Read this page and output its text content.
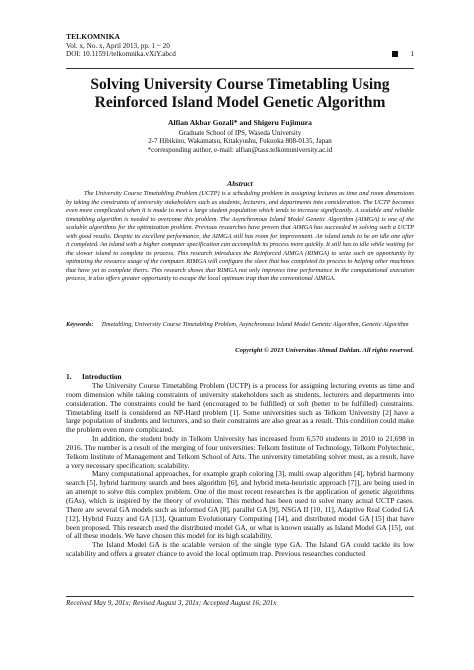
TELKOMNIKA
Vol. x, No. x, April 2013, pp. 1 ~ 20
DOI: 10.11591/telkomnika.vXiY.abcd	1
Solving University Course Timetabling Using
Reinforced Island Model Genetic Algorithm
Alfian Akbar Gozali* and Shigeru Fujimura
Graduate School of IPS, Waseda University
2-7 Hibikino, Wakamatsu, Kitakyushu, Fukuoka 808-0135, Japan
*corresponding author, e-mail: alfian@tass.telkomuniversity.ac.id
Abstract
The University Course Timetabling Problem (UCTP) is a scheduling problem in assigning lectures as time and room dimensions by taking the constraints of university stakeholders such as students, lecturers, and departments into consideration. The UCTP becomes even more complicated when it is made to meet a large student population which tends to increase significantly. A scalable and reliable timetabling algorithm is needed to overcome this problem. The Asynchronous Island Model Genetic Algorithm (AIMGA) is one of the scalable algorithms for the optimization problem. Previous researches have proven that AIMGA has succeeded in solving such a UCTP with good results. Despite its excellent performance, the AIMGA still has room for improvement. An island tends to be an idle one after it completed. An island with a higher computer specification can accomplish its process more quickly. It still has to idle while waiting for the slower island to complete its process. This research introduces the Reinforced AIMGA (RIMGA) to seize such an opportunity by optimizing the resource usage of the computer. RIMGA will configure the slave that has completed its process to helping other machines that have yet to complete theirs. This research shows that RIMGA not only improves time performance in the computational execution process, it also offers greater opportunity to escape the local optimum trap than the conventional AIMGA.
Keywords: Timetabling, University Course Timetabling Problem, Asynchronous Island Model Genetic Algorithm, Genetic Algorithm
Copyright © 2013 Universitas Ahmad Dahlan. All rights reserved.
1. Introduction

The University Course Timetabling Problem (UCTP) is a process for assigning lecturing events as time and room dimension while taking constraints of university stakeholders such as students, lecturers and departments into consideration. The constraints could be hard (encouraged to be fulfilled) or soft (better to be fulfilled) constraints. Timetabling itself is considered an NP-Hard problem [1]. Some universities such as Telkom University [2] have a large population of students and lecturers, and so their constraints are also great as a result. This condition could make the problem even more complicated.

In addition, the student body in Telkom University has increased from 6,570 students in 2010 to 21,698 in 2016. The number is a result of the merging of four universities: Telkom Institute of Technology, Telkom Polytechnic, Telkom Institute of Management and Telkom School of Arts. The university timetabling solver must, as a result, have a very necessary specification: scalability.

Many computational approaches, for example graph coloring [3], multi swap algorithm [4], hybrid harmony search [5], hybrid harmony search and bees algorithm [6], and hybrid meta-heuristic approach [7]], are being used in an attempt to solve this complex problem. One of the most recent researches is the application of genetic algorithms (GAs), which is inspired by the theory of evolution. This method has been used to solve many actual UCTP cases. There are several GA models such as informed GA [8], parallel GA [9], NSGA II [10, 11], Adaptive Real Coded GA [12], Hybrid Fuzzy and GA [13], Quantum Evolutionary Computing [14], and distributed model GA [15] that have been proposed. This research used the distributed model GA, or what is known usually as Island Model GA [15], out of all these models. We have chosen this model for its high scalability.

The Island Model GA is the scalable version of the single type GA. The Island GA could tackle its low scalability and offers a greater chance to avoid the local optimum trap. Previous researches conducted

Received May 9, 201x; Revised August 3, 201x; Accepted August 16, 201x
